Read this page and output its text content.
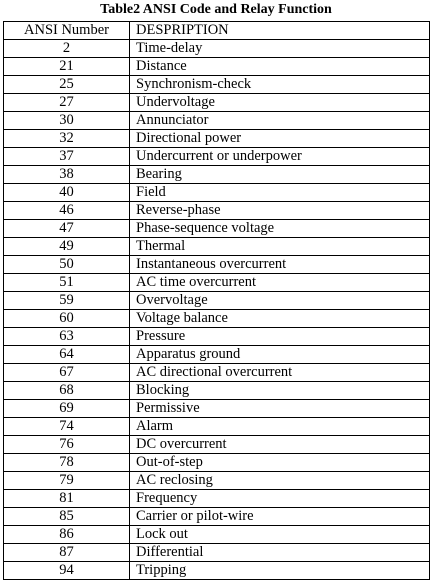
Table2 ANSI Code and Relay Function
ANSI Number	DESPRIPTION
2	Time-delay
21	Distance
25	Synchronism-check
27	Undervoltage
30	Annunciator
32	Directional power
37	Undercurrent or underpower
38	Bearing
40	Field
46	Reverse-phase
47	Phase-sequence voltage
49	Thermal
50	Instantaneous overcurrent
51	AC time overcurrent
59	Overvoltage
60	Voltage balance
63	Pressure
64	Apparatus ground
67	AC directional overcurrent
68	Blocking
69	Permissive
74	Alarm
76	DC overcurrent
78	Out-of-step
79	AC reclosing
81	Frequency
85	Carrier or pilot-wire
86	Lock out
87	Differential
94	Tripping
